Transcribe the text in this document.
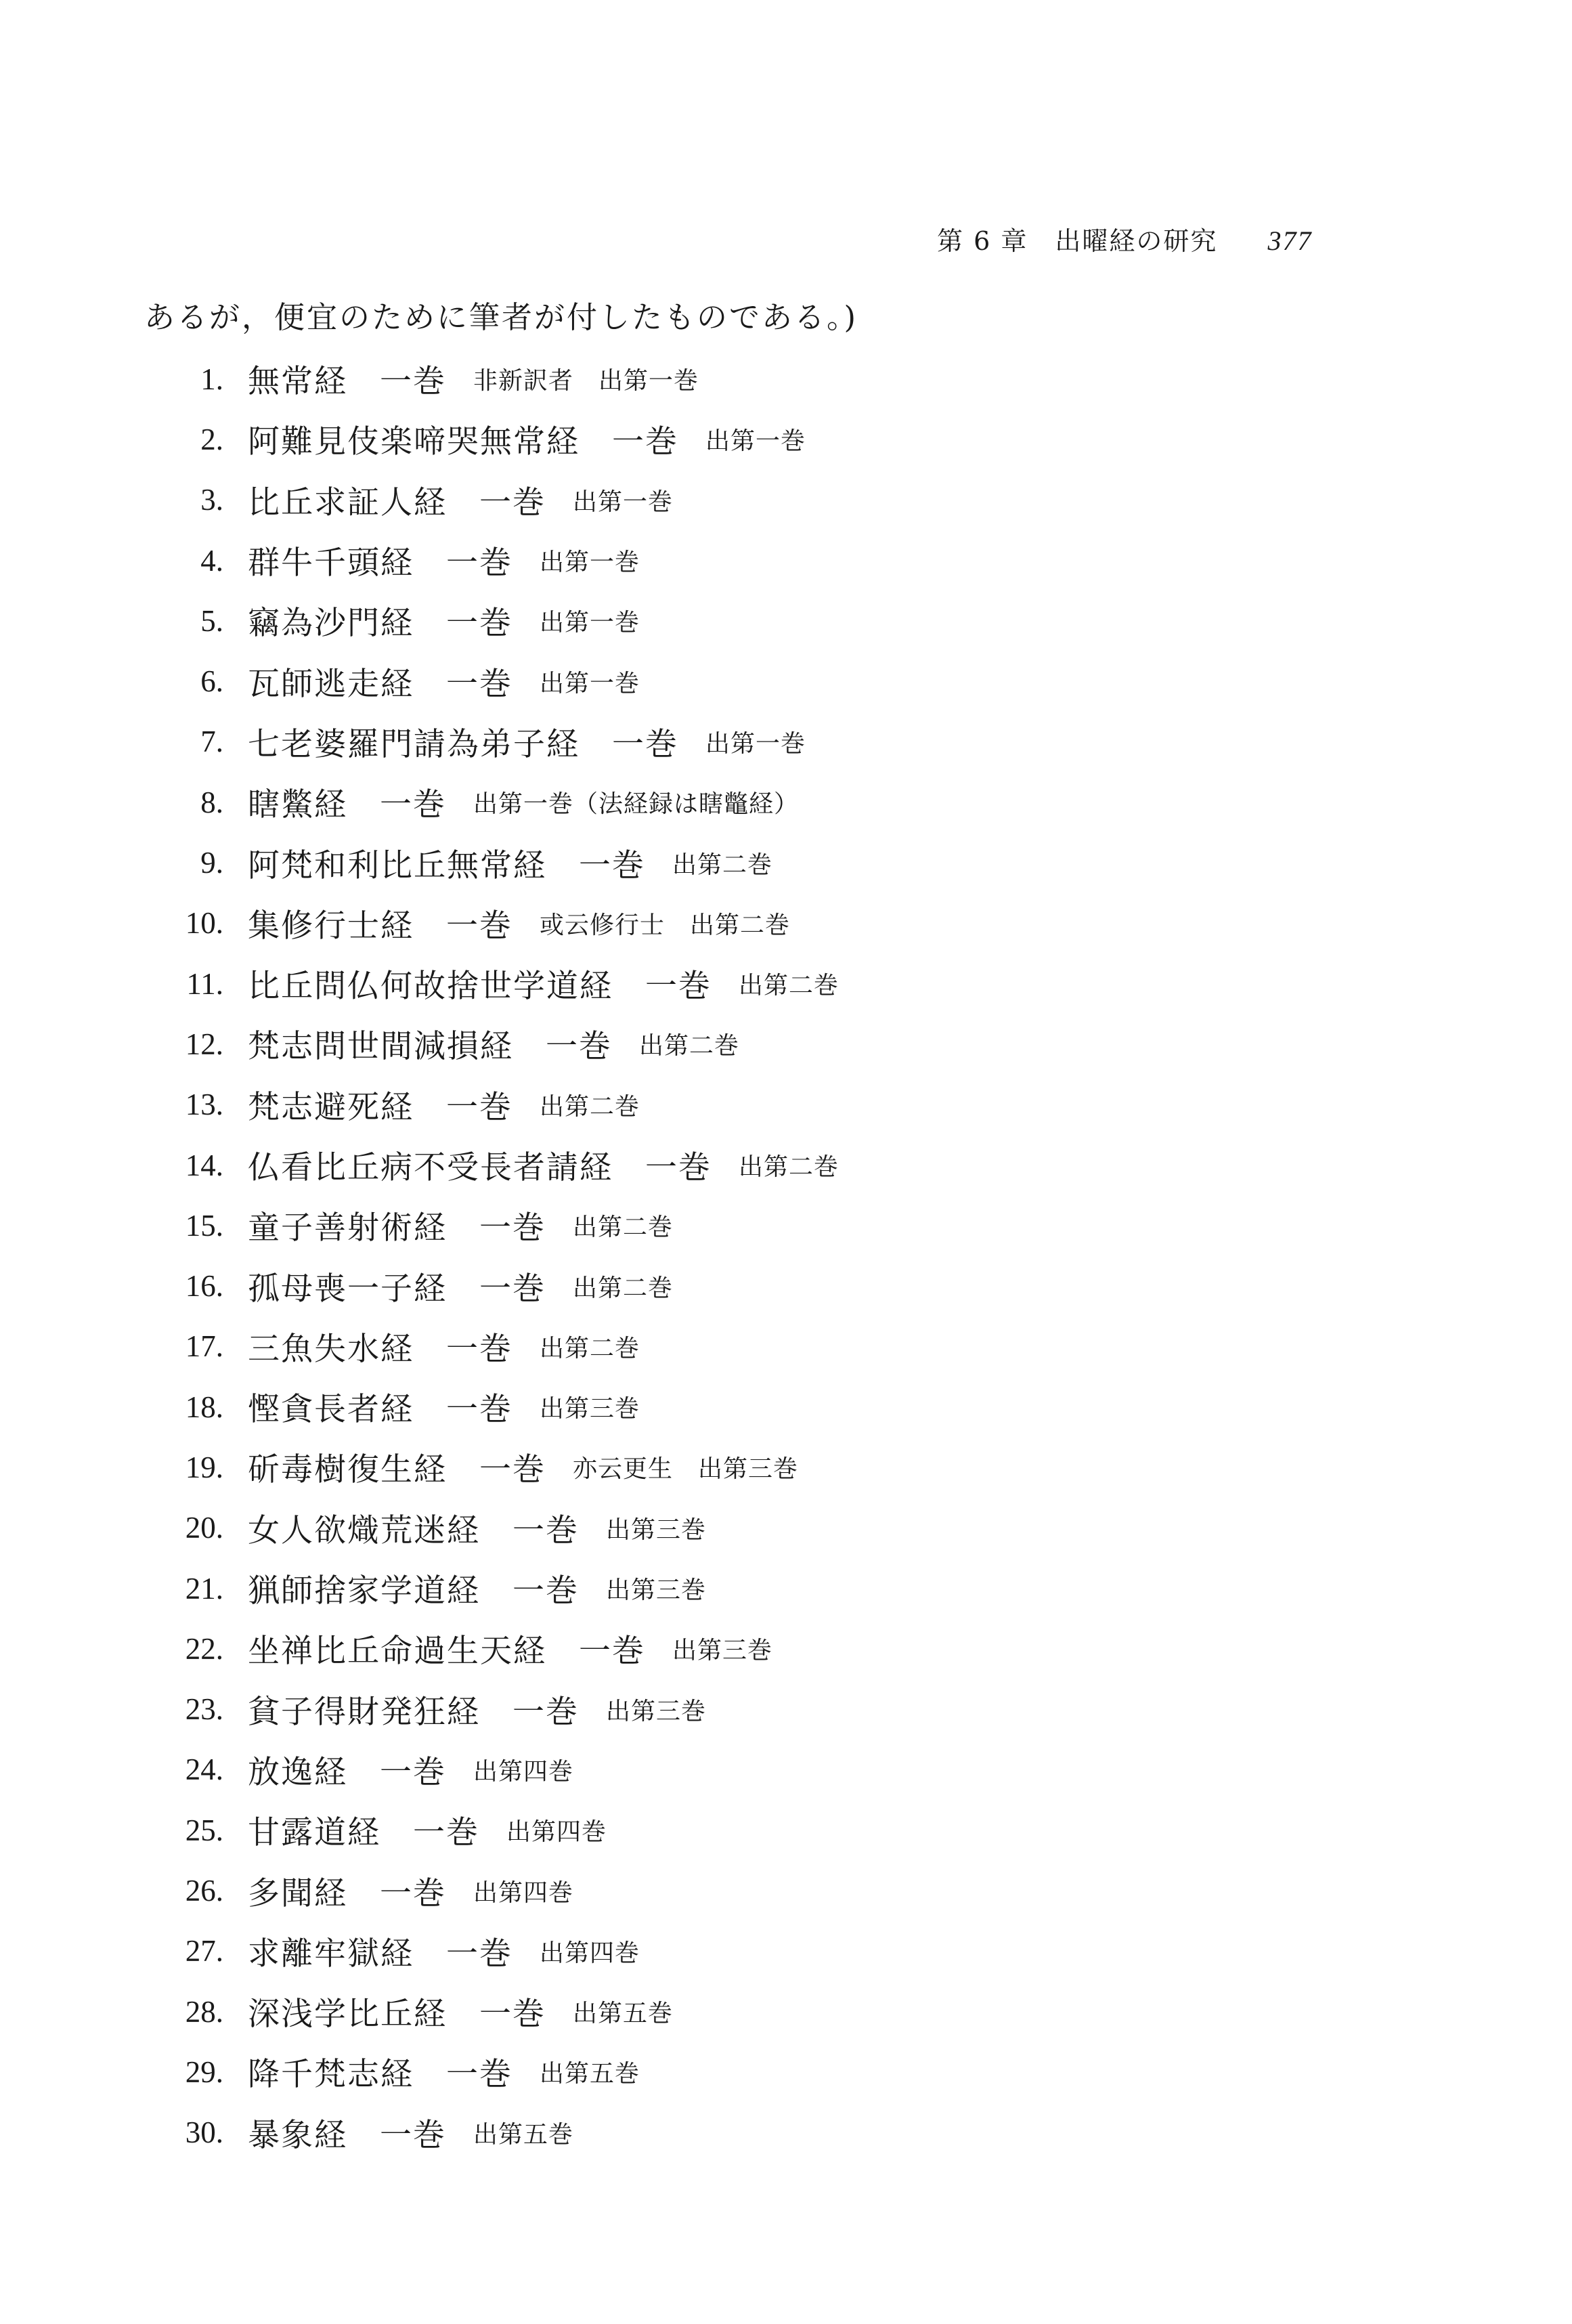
第 6 章　出曜経の研究 377
あるが，便宜のために筆者が付したものである。)
1. 無常経 一巻 非新訳者　出第一巻
2. 阿難見伎楽啼哭無常経 一巻 出第一巻
3. 比丘求証人経 一巻 出第一巻
4. 群牛千頭経 一巻 出第一巻
5. 竊為沙門経 一巻 出第一巻
6. 瓦師逃走経 一巻 出第一巻
7. 七老婆羅門請為弟子経 一巻 出第一巻
8. 瞎鱉経 一巻 出第一巻（法経録は瞎鼈経）
9. 阿梵和利比丘無常経 一巻 出第二巻
10. 集修行士経 一巻 或云修行士　出第二巻
11. 比丘問仏何故捨世学道経 一巻 出第二巻
12. 梵志問世間減損経 一巻 出第二巻
13. 梵志避死経 一巻 出第二巻
14. 仏看比丘病不受長者請経 一巻 出第二巻
15. 童子善射術経 一巻 出第二巻
16. 孤母喪一子経 一巻 出第二巻
17. 三魚失水経 一巻 出第二巻
18. 慳貪長者経 一巻 出第三巻
19. 斫毒樹復生経 一巻 亦云更生　出第三巻
20. 女人欲熾荒迷経 一巻 出第三巻
21. 猟師捨家学道経 一巻 出第三巻
22. 坐禅比丘命過生天経 一巻 出第三巻
23. 貧子得財発狂経 一巻 出第三巻
24. 放逸経 一巻 出第四巻
25. 甘露道経 一巻 出第四巻
26. 多聞経 一巻 出第四巻
27. 求離牢獄経 一巻 出第四巻
28. 深浅学比丘経 一巻 出第五巻
29. 降千梵志経 一巻 出第五巻
30. 暴象経 一巻 出第五巻
